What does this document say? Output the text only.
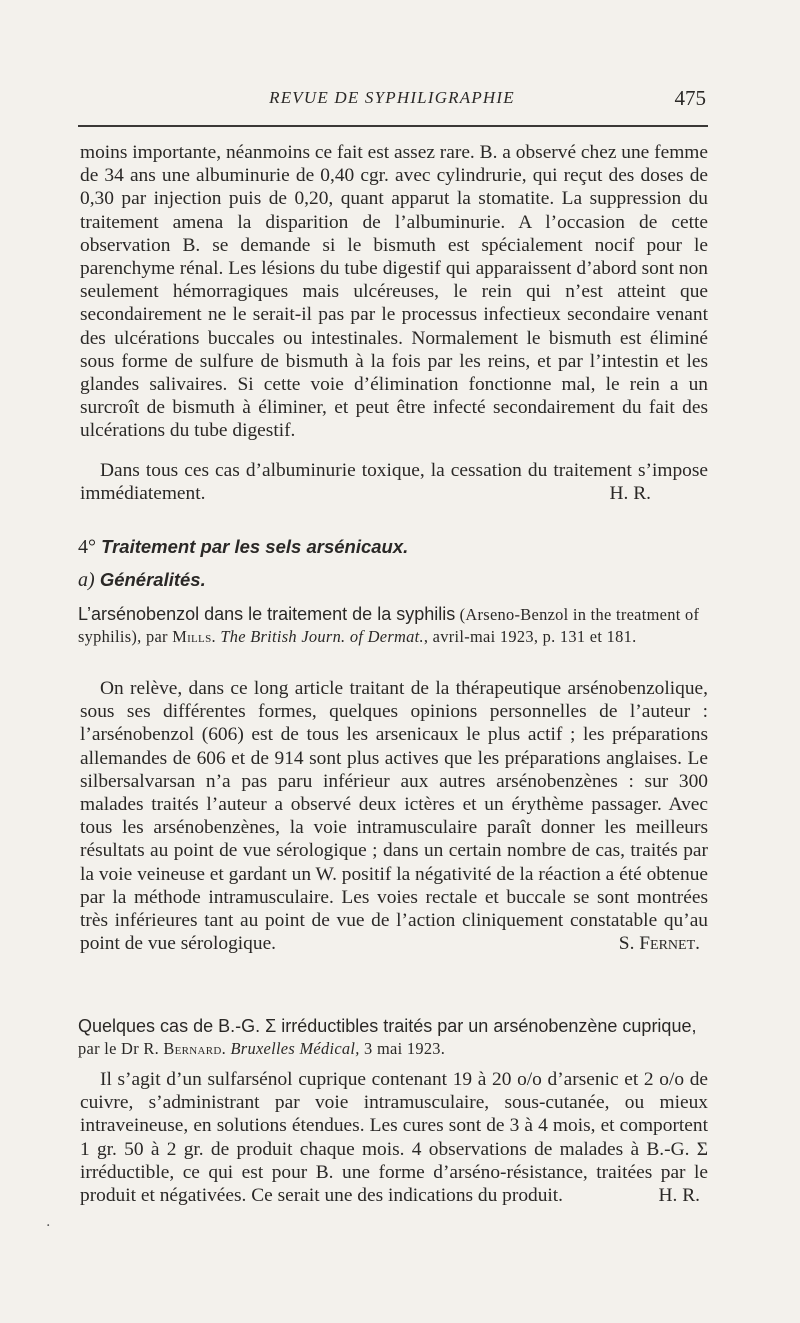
REVUE DE SYPHILIGRAPHIE	475

moins importante, néanmoins ce fait est assez rare. B. a observé chez une femme de 34 ans une albuminurie de 0,40 cgr. avec cylindrurie, qui reçut des doses de 0,30 par injection puis de 0,20, quant apparut la stomatite. La suppression du traitement amena la disparition de l’albuminurie. A l’occasion de cette observation B. se demande si le bismuth est spécialement nocif pour le parenchyme rénal. Les lésions du tube digestif qui apparaissent d’abord sont non seulement hémorragiques mais ulcéreuses, le rein qui n’est atteint que secondairement ne le serait-il pas par le processus infectieux secondaire venant des ulcérations buccales ou intestinales. Normalement le bismuth est éliminé sous forme de sulfure de bismuth à la fois par les reins, et par l’intestin et les glandes salivaires. Si cette voie d’élimination fonctionne mal, le rein a un surcroît de bismuth à éliminer, et peut être infecté secondairement du fait des ulcérations du tube digestif.

Dans tous ces cas d’albuminurie toxique, la cessation du traitement s’impose immédiatement.	H. R.

4° Traitement par les sels arsénicaux.
a) Généralités.
L’arsénobenzol dans le traitement de la syphilis (Arseno-Benzol in the treatment of syphilis), par Mills. The British Journ. of Dermat., avril-mai 1923, p. 131 et 181.

On relève, dans ce long article traitant de la thérapeutique arsénobenzolique, sous ses différentes formes, quelques opinions personnelles de l’auteur : l’arsénobenzol (606) est de tous les arsenicaux le plus actif ; les préparations allemandes de 606 et de 914 sont plus actives que les préparations anglaises. Le silbersalvarsan n’a pas paru inférieur aux autres arsénobenzènes : sur 300 malades traités l’auteur a observé deux ictères et un érythème passager. Avec tous les arsénobenzènes, la voie intramusculaire paraît donner les meilleurs résultats au point de vue sérologique ; dans un certain nombre de cas, traités par la voie veineuse et gardant un W. positif la négativité de la réaction a été obtenue par la méthode intramusculaire. Les voies rectale et buccale se sont montrées très inférieures tant au point de vue de l’action cliniquement constatable qu’au point de vue sérologique.	S. Fernet.

Quelques cas de B.-G. Σ irréductibles traités par un arsénobenzène cuprique, par le Dr R. Bernard. Bruxelles Médical, 3 mai 1923.

Il s’agit d’un sulfarsénol cuprique contenant 19 à 20 o/o d’arsenic et 2 o/o de cuivre, s’administrant par voie intramusculaire, sous-cutanée, ou mieux intraveineuse, en solutions étendues. Les cures sont de 3 à 4 mois, et comportent 1 gr. 50 à 2 gr. de produit chaque mois. 4 observations de malades à B.-G. Σ irréductible, ce qui est pour B. une forme d’arséno-résistance, traitées par le produit et négativées. Ce serait une des indications du produit.	H. R.

.
